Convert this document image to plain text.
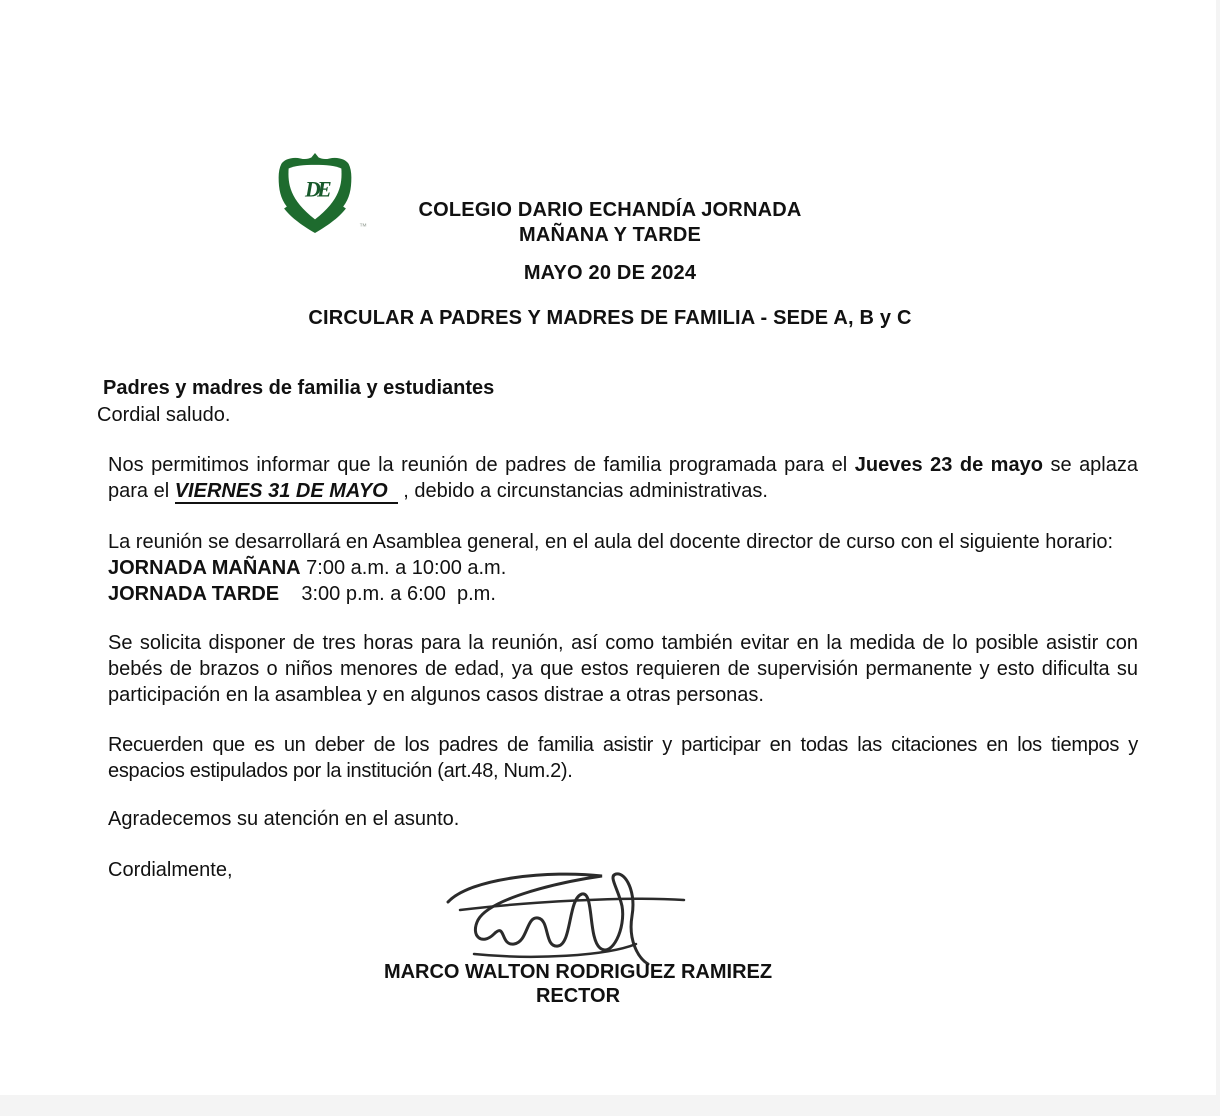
DE
™
COLEGIO DARIO ECHANDÍA JORNADA
MAÑANA Y TARDE
MAYO 20 DE 2024
CIRCULAR A PADRES Y MADRES DE FAMILIA - SEDE A, B y C
Padres y madres de familia y estudiantes
Cordial saludo.
Nos permitimos informar que la reunión de padres de familia programada para el Jueves 23 de mayo se aplaza para el VIERNES 31 DE MAYO , debido a circunstancias administrativas.
La reunión se desarrollará en Asamblea general, en el aula del docente director de curso con el siguiente horario:
JORNADA MAÑANA 7:00 a.m. a 10:00 a.m.
JORNADA TARDE    3:00 p.m. a 6:00  p.m.
Se solicita disponer de tres horas para la reunión, así como también evitar en la medida de lo posible asistir con bebés de brazos o niños menores de edad, ya que estos requieren de supervisión permanente y esto dificulta su participación en la asamblea y en algunos casos distrae a otras personas.
Recuerden que es un deber de los padres de familia asistir y participar en todas las citaciones en los tiempos y espacios estipulados por la institución (art.48, Num.2).
Agradecemos su atención en el asunto.
Cordialmente,
MARCO WALTON RODRIGUEZ RAMIREZ
RECTOR
